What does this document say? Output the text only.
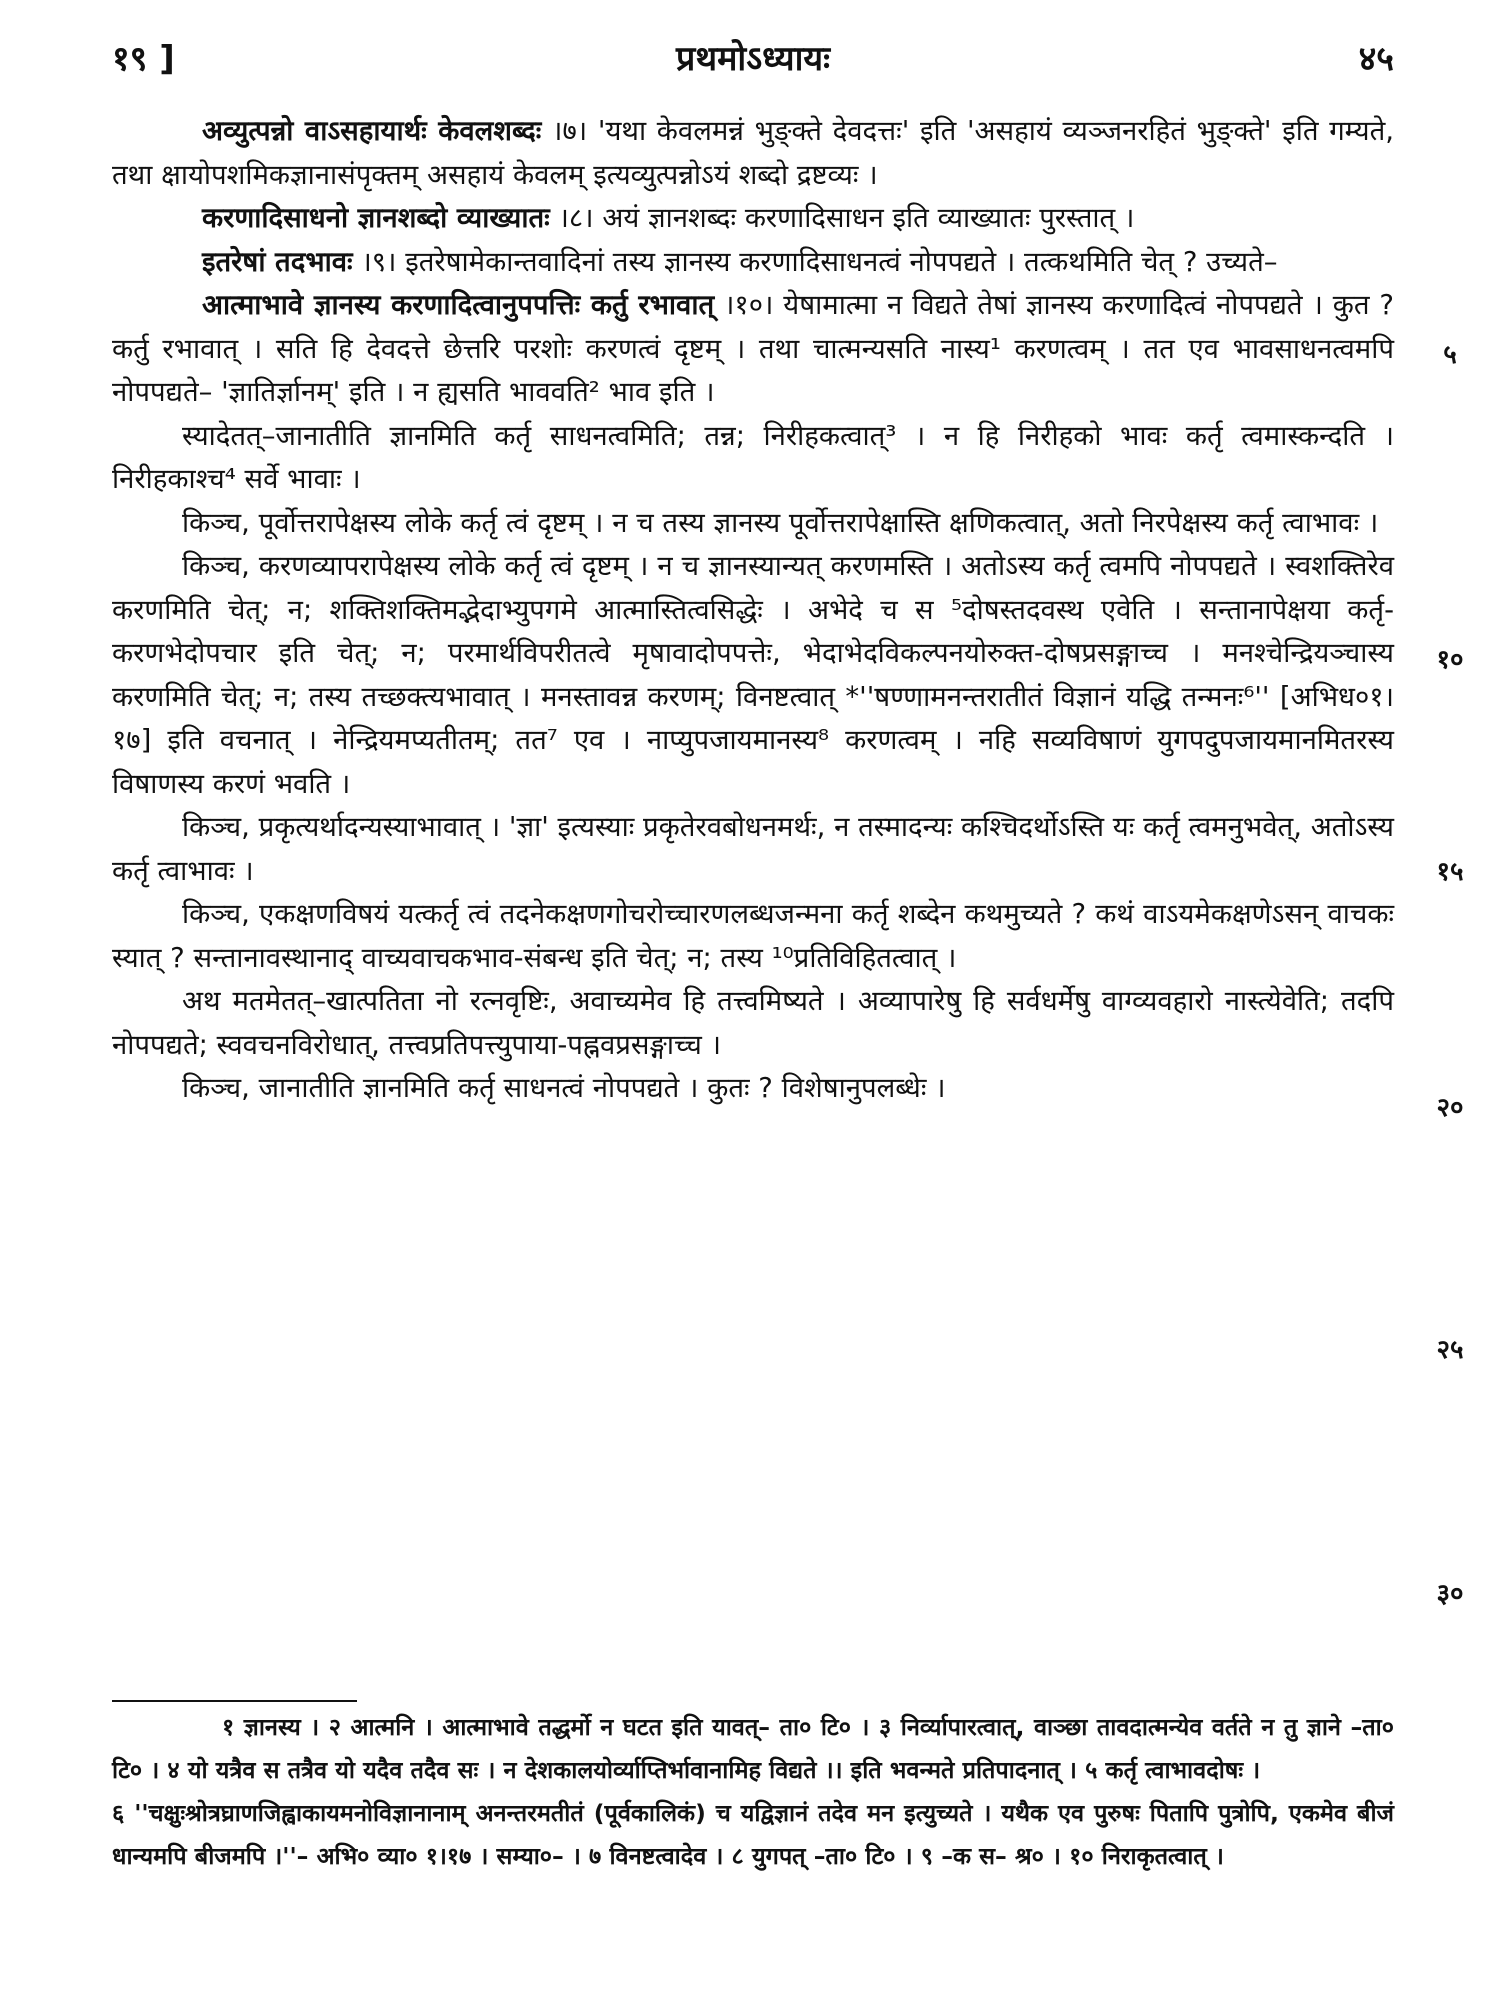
१९ ]	प्रथमोऽध्यायः	४५

अव्युत्पन्नो वाऽसहायार्थः केवलशब्दः ।७। 'यथा केवलमन्नं भुङ्क्ते देवदत्तः' इति 'असहायं व्यञ्जनरहितं भुङ्क्ते' इति गम्यते, तथा क्षायोपशमिकज्ञानासंपृक्तम् असहायं केवलम् इत्यव्युत्पन्नोऽयं शब्दो द्रष्टव्यः ।

करणादिसाधनो ज्ञानशब्दो व्याख्यातः ।८। अयं ज्ञानशब्दः करणादिसाधन इति व्याख्यातः पुरस्तात् ।

इतरेषां तदभावः ।९। इतरेषामेकान्तवादिनां तस्य ज्ञानस्य करणादिसाधनत्वं नोपपद्यते । तत्कथमिति चेत् ? उच्यते–

आत्माभावे ज्ञानस्य करणादित्वानुपपत्तिः कर्तु रभावात् ।१०। येषामात्मा न विद्यते तेषां ज्ञानस्य करणादित्वं नोपपद्यते । कुत ? कर्तु रभावात् । सति हि देवदत्ते छेत्तरि परशोः करणत्वं दृष्टम् । तथा चात्मन्यसति नास्य¹ करणत्वम् । तत एव भावसाधनत्वमपि नोपपद्यते– 'ज्ञातिर्ज्ञानम्' इति । न ह्यसति भाववति² भाव इति ।

स्यादेतत्–जानातीति ज्ञानमिति कर्तृ साधनत्वमिति; तन्न; निरीहकत्वात्³ । न हि निरीहको भावः कर्तृ त्वमास्कन्दति । निरीहकाश्च⁴ सर्वे भावाः ।

किञ्च, पूर्वोत्तरापेक्षस्य लोके कर्तृ त्वं दृष्टम् । न च तस्य ज्ञानस्य पूर्वोत्तरापेक्षास्ति क्षणिकत्वात्, अतो निरपेक्षस्य कर्तृ त्वाभावः ।

किञ्च, करणव्यापरापेक्षस्य लोके कर्तृ त्वं दृष्टम् । न च ज्ञानस्यान्यत् करणमस्ति । अतोऽस्य कर्तृ त्वमपि नोपपद्यते । स्वशक्तिरेव करणमिति चेत्; न; शक्तिशक्तिमद्भेदाभ्युपगमे आत्मास्तित्वसिद्धेः । अभेदे च स ⁵दोषस्तदवस्थ एवेति । सन्तानापेक्षया कर्तृ-करणभेदोपचार इति चेत्; न; परमार्थविपरीतत्वे मृषावादोपपत्तेः, भेदाभेदविकल्पनयोरुक्त-दोषप्रसङ्गाच्च । मनश्चेन्द्रियञ्चास्य करणमिति चेत्; न; तस्य तच्छक्त्यभावात् । मनस्तावन्न करणम्; विनष्टत्वात् *''षण्णामनन्तरातीतं विज्ञानं यद्धि तन्मनः⁶'' [अभिध०१।१७] इति वचनात् । नेन्द्रियमप्यतीतम्; तत⁷ एव । नाप्युपजायमानस्य⁸ करणत्वम् । नहि सव्यविषाणं युगपदुपजायमानमितरस्य विषाणस्य करणं भवति ।

किञ्च, प्रकृत्यर्थादन्यस्याभावात् । 'ज्ञा' इत्यस्याः प्रकृतेरवबोधनमर्थः, न तस्मादन्यः कश्चिदर्थोऽस्ति यः कर्तृ त्वमनुभवेत्, अतोऽस्य कर्तृ त्वाभावः ।

किञ्च, एकक्षणविषयं यत्कर्तृ त्वं तदनेकक्षणगोचरोच्चारणलब्धजन्मना कर्तृ शब्देन कथमुच्यते ? कथं वाऽयमेकक्षणेऽसन् वाचकः स्यात् ? सन्तानावस्थानाद् वाच्यवाचकभाव-संबन्ध इति चेत्; न; तस्य ¹⁰प्रतिविहितत्वात् ।

अथ मतमेतत्–खात्पतिता नो रत्नवृष्टिः, अवाच्यमेव हि तत्त्वमिष्यते । अव्यापारेषु हि सर्वधर्मेषु वाग्व्यवहारो नास्त्येवेति; तदपि नोपपद्यते; स्ववचनविरोधात्, तत्त्वप्रतिपत्त्युपाया-पह्नवप्रसङ्गाच्च ।

किञ्च, जानातीति ज्ञानमिति कर्तृ साधनत्वं नोपपद्यते । कुतः ? विशेषानुपलब्धेः ।

५
१०
१५
२०
२५
३०

१ ज्ञानस्य । २ आत्मनि । आत्माभावे तद्धर्मो न घटत इति यावत्– ता० टि० । ३ निर्व्यापारत्वात्, वाञ्छा तावदात्मन्येव वर्तते न तु ज्ञाने –ता० टि० । ४ यो यत्रैव स तत्रैव यो यदैव तदैव सः । न देशकालयोर्व्याप्तिर्भावानामिह विद्यते ।। इति भवन्मते प्रतिपादनात् । ५ कर्तृ त्वाभावदोषः ।

६ ''चक्षुःश्रोत्रघ्राणजिह्वाकायमनोविज्ञानानाम् अनन्तरमतीतं (पूर्वकालिकं) च यद्विज्ञानं तदेव मन इत्युच्यते । यथैक एव पुरुषः पितापि पुत्रोपि, एकमेव बीजं धान्यमपि बीजमपि ।''– अभि० व्या० १।१७ । सम्या०– । ७ विनष्टत्वादेव । ८ युगपत् –ता० टि० । ९ –क स– श्र० । १० निराकृतत्वात् ।
